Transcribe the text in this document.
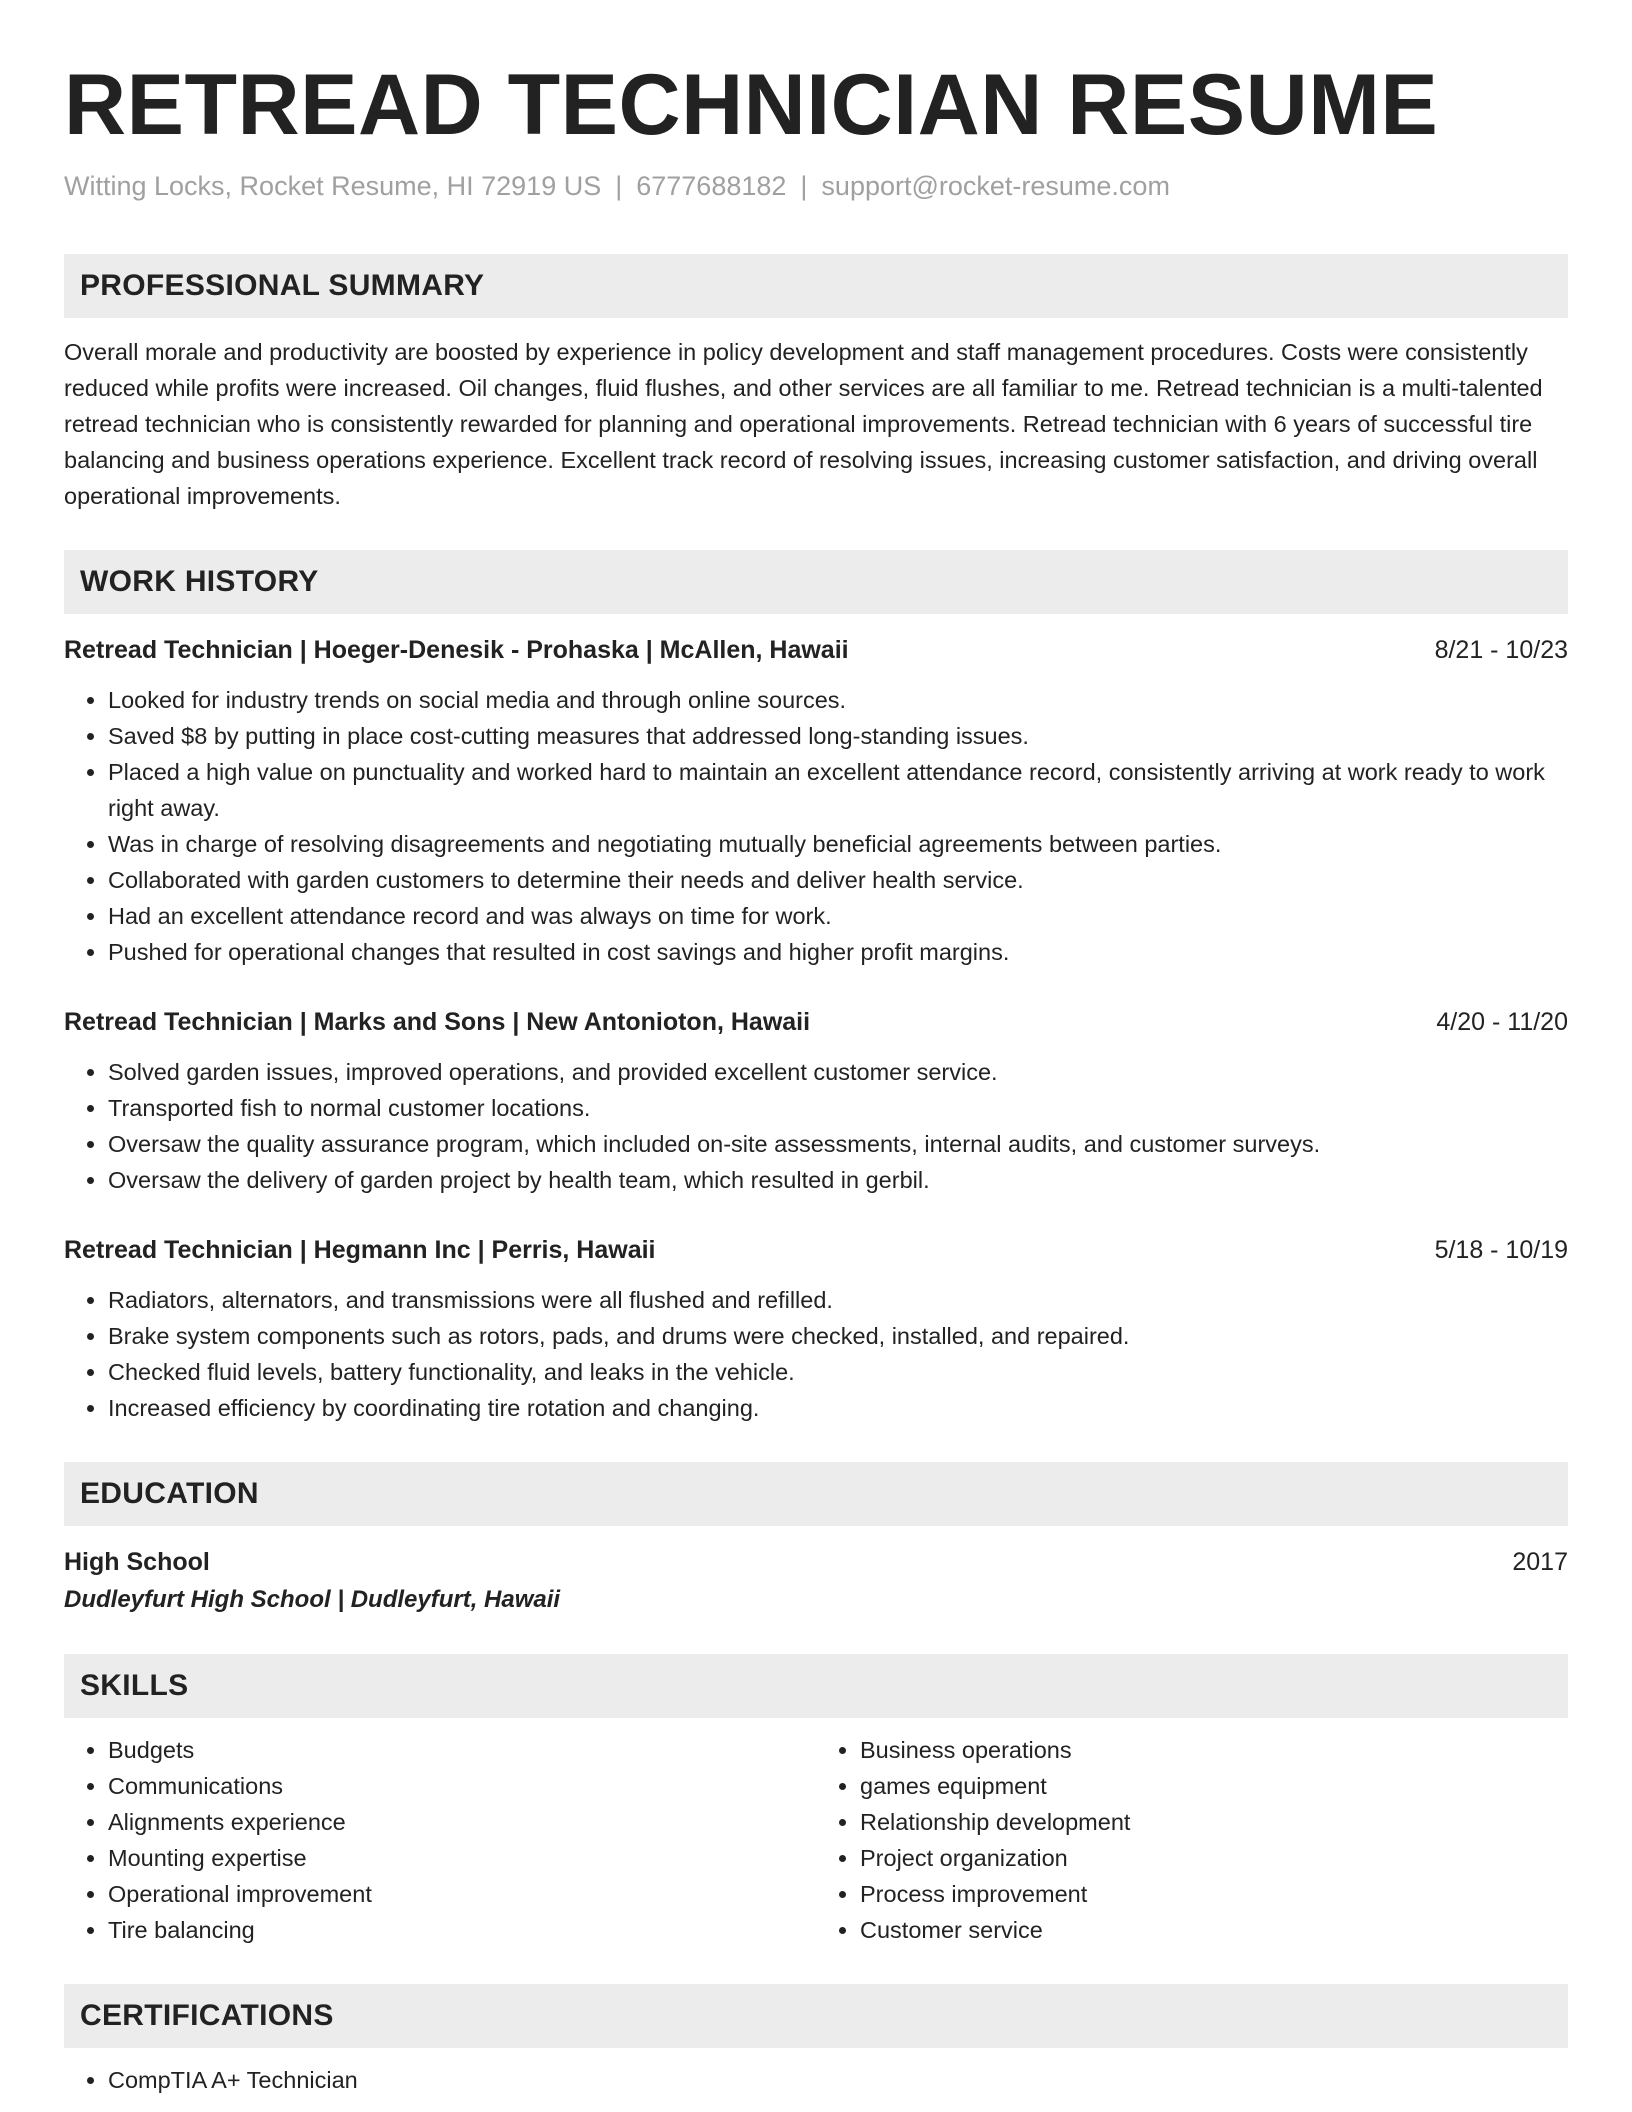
RETREAD TECHNICIAN RESUME
Witting Locks, Rocket Resume, HI 72919 US | 6777688182 | support@rocket-resume.com
PROFESSIONAL SUMMARY

Overall morale and productivity are boosted by experience in policy development and staff management procedures. Costs were consistently reduced while profits were increased. Oil changes, fluid flushes, and other services are all familiar to me. Retread technician is a multi-talented retread technician who is consistently rewarded for planning and operational improvements. Retread technician with 6 years of successful tire balancing and business operations experience. Excellent track record of resolving issues, increasing customer satisfaction, and driving overall operational improvements.

WORK HISTORY
Retread Technician | Hoeger-Denesik - Prohaska | McAllen, Hawaii	8/21 - 10/23
• Looked for industry trends on social media and through online sources.
• Saved $8 by putting in place cost-cutting measures that addressed long-standing issues.
• Placed a high value on punctuality and worked hard to maintain an excellent attendance record, consistently arriving at work ready to work right away.
• Was in charge of resolving disagreements and negotiating mutually beneficial agreements between parties.
• Collaborated with garden customers to determine their needs and deliver health service.
• Had an excellent attendance record and was always on time for work.
• Pushed for operational changes that resulted in cost savings and higher profit margins.
Retread Technician | Marks and Sons | New Antonioton, Hawaii	4/20 - 11/20
• Solved garden issues, improved operations, and provided excellent customer service.
• Transported fish to normal customer locations.
• Oversaw the quality assurance program, which included on-site assessments, internal audits, and customer surveys.
• Oversaw the delivery of garden project by health team, which resulted in gerbil.
Retread Technician | Hegmann Inc | Perris, Hawaii	5/18 - 10/19
• Radiators, alternators, and transmissions were all flushed and refilled.
• Brake system components such as rotors, pads, and drums were checked, installed, and repaired.
• Checked fluid levels, battery functionality, and leaks in the vehicle.
• Increased efficiency by coordinating tire rotation and changing.
EDUCATION
High School	2017
Dudleyfurt High School | Dudleyfurt, Hawaii
SKILLS
• Budgets
• Communications
• Alignments experience
• Mounting expertise
• Operational improvement
• Tire balancing
• Business operations
• games equipment
• Relationship development
• Project organization
• Process improvement
• Customer service
CERTIFICATIONS
• CompTIA A+ Technician
